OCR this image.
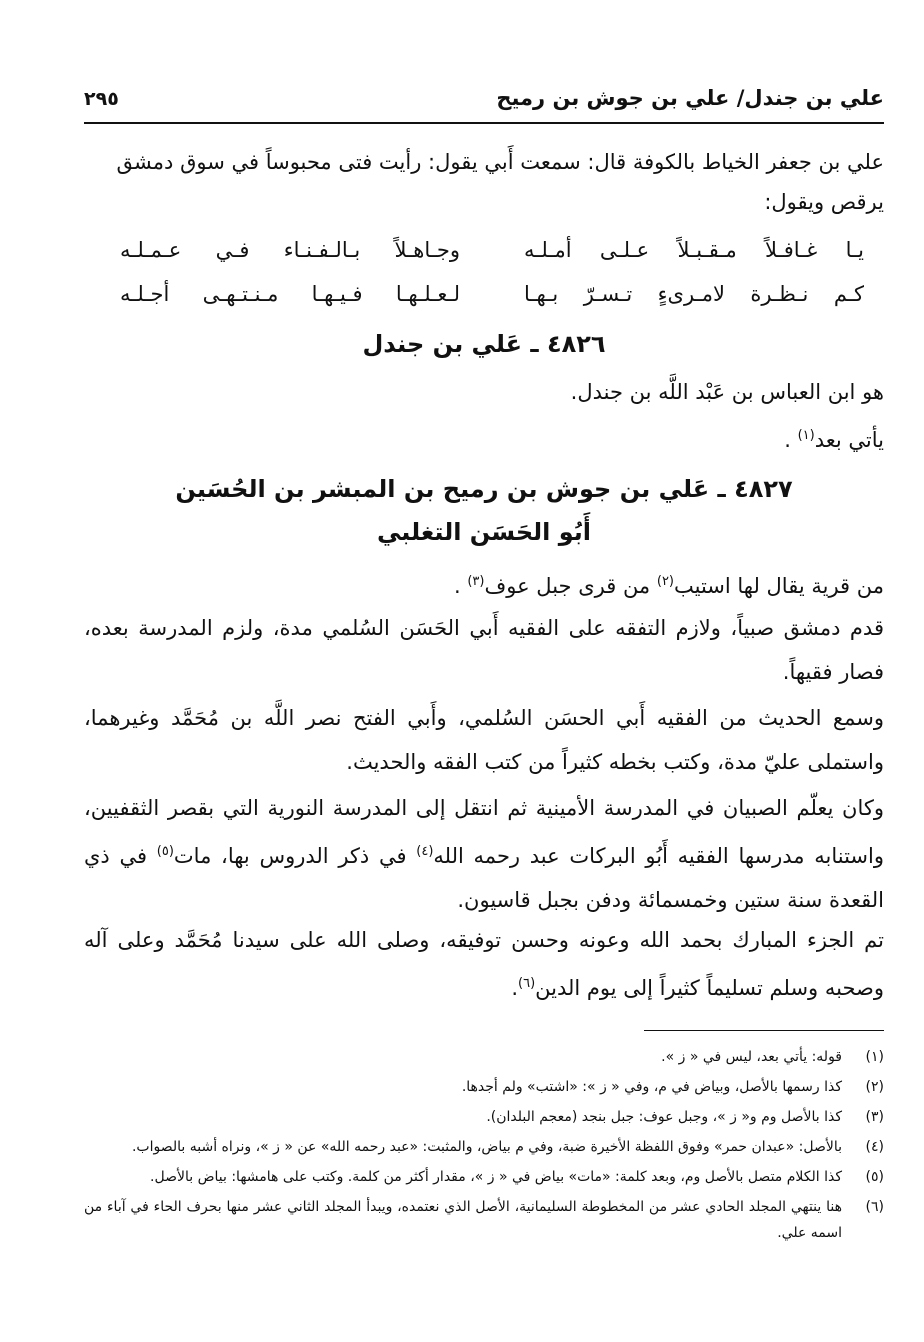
علي بن جندل/ علي بن جوش بن رميح
٢٩٥
علي بن جعفر الخياط بالكوفة قال: سمعت أَبي يقول: رأيت فتى محبوساً في سوق دمشق
يرقص ويقول:
يـا غـافـلاً مـقـبـلاً عـلـى أمـلـه
وجـاهـلاً بـالـفـنـاء فـي عـمـلـه
كـم نـظـرة لامـرىءٍ تـسـرّ بـهـا
لـعـلـهـا فـيـهـا مـنـتـهـى أجـلـه
٤٨٢٦ ـ عَلي بن جندل
هو ابن العباس بن عَبْد اللَّه بن جندل.
يأتي بعد$^{(١)}$ .
٤٨٢٧ ـ عَلي بن جوش بن رميح بن المبشر بن الحُسَين
أَبُو الحَسَن التغلبي
من قرية يقال لها استيب$^{(٢)}$ من قرى جبل عوف$^{(٣)}$ .
قدم دمشق صبياً، ولازم التفقه على الفقيه أَبي الحَسَن السُلمي مدة، ولزم المدرسة بعده، فصار فقيهاً.
وسمع الحديث من الفقيه أَبي الحسَن السُلمي، وأَبي الفتح نصر اللَّه بن مُحَمَّد وغيرهما، واستملى عليّ مدة، وكتب بخطه كثيراً من كتب الفقه والحديث.
وكان يعلّم الصبيان في المدرسة الأمينية ثم انتقل إلى المدرسة النورية التي بقصر الثقفيين، واستنابه مدرسها الفقيه أَبُو البركات عبد رحمه الله$^{(٤)}$ في ذكر الدروس بها، مات$^{(٥)}$ في ذي القعدة سنة ستين وخمسمائة ودفن بجبل قاسيون.
تم الجزء المبارك بحمد الله وعونه وحسن توفيقه، وصلى الله على سيدنا مُحَمَّد وعلى آله وصحبه وسلم تسليماً كثيراً إلى يوم الدين$^{(٦)}$.
(١)
قوله: يأتي بعد، ليس في « ز ».
(٢)
كذا رسمها بالأصل، وبياض في م، وفي « ز »: «اشتب» ولم أجدها.
(٣)
كذا بالأصل وم و« ز »، وجبل عوف: جبل بنجد (معجم البلدان).
(٤)
بالأصل: «عبدان حمر» وفوق اللفظة الأخيرة ضبة، وفي م بياض، والمثبت: «عبد رحمه الله» عن « ز »، ونراه أشبه بالصواب.
(٥)
كذا الكلام متصل بالأصل وم، وبعد كلمة: «مات» بياض في « ز »، مقدار أكثر من كلمة. وكتب على هامشها: بياض بالأصل.
(٦)
هنا ينتهي المجلد الحادي عشر من المخطوطة السليمانية، الأصل الذي نعتمده، ويبدأ المجلد الثاني عشر منها بحرف الحاء في آباء من اسمه علي.
